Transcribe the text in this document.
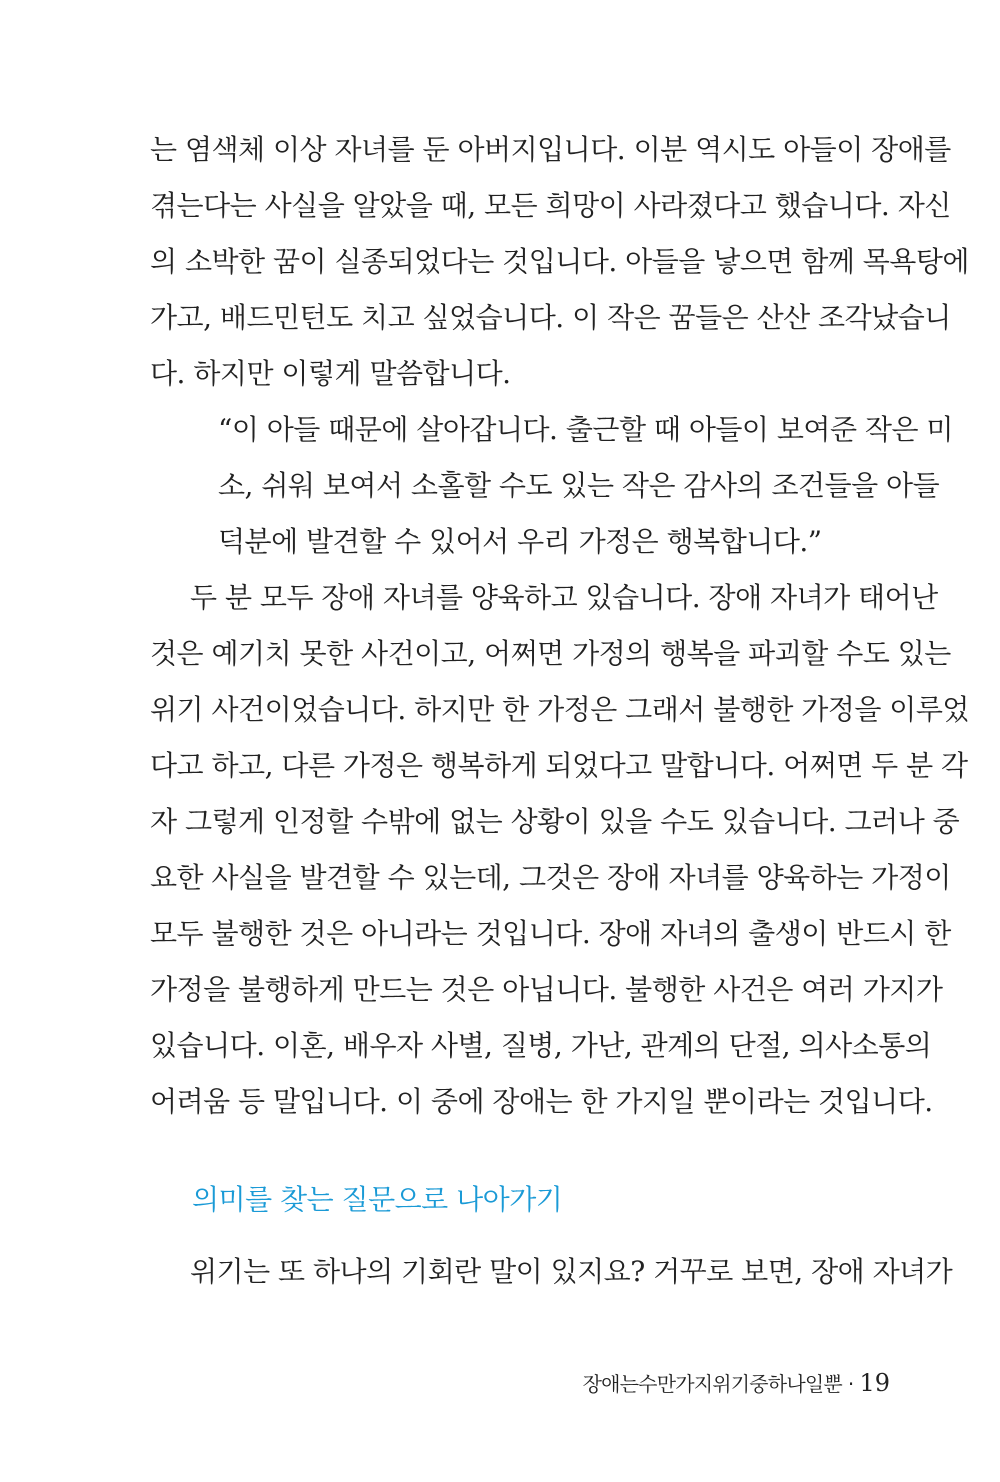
는 염색체 이상 자녀를 둔 아버지입니다. 이분 역시도 아들이 장애를
겪는다는 사실을 알았을 때, 모든 희망이 사라졌다고 했습니다. 자신
의 소박한 꿈이 실종되었다는 것입니다. 아들을 낳으면 함께 목욕탕에
가고, 배드민턴도 치고 싶었습니다. 이 작은 꿈들은 산산 조각났습니
다. 하지만 이렇게 말씀합니다.
“이 아들 때문에 살아갑니다. 출근할 때 아들이 보여준 작은 미
소, 쉬워 보여서 소홀할 수도 있는 작은 감사의 조건들을 아들
덕분에 발견할 수 있어서 우리 가정은 행복합니다.”
두 분 모두 장애 자녀를 양육하고 있습니다. 장애 자녀가 태어난
것은 예기치 못한 사건이고, 어쩌면 가정의 행복을 파괴할 수도 있는
위기 사건이었습니다. 하지만 한 가정은 그래서 불행한 가정을 이루었
다고 하고, 다른 가정은 행복하게 되었다고 말합니다. 어쩌면 두 분 각
자 그렇게 인정할 수밖에 없는 상황이 있을 수도 있습니다. 그러나 중
요한 사실을 발견할 수 있는데, 그것은 장애 자녀를 양육하는 가정이
모두 불행한 것은 아니라는 것입니다. 장애 자녀의 출생이 반드시 한
가정을 불행하게 만드는 것은 아닙니다. 불행한 사건은 여러 가지가
있습니다. 이혼, 배우자 사별, 질병, 가난, 관계의 단절, 의사소통의
어려움 등 말입니다. 이 중에 장애는 한 가지일 뿐이라는 것입니다.
의미를 찾는 질문으로 나아가기
위기는 또 하나의 기회란 말이 있지요? 거꾸로 보면, 장애 자녀가
장애는수만가지위기중하나일뿐 · 19
